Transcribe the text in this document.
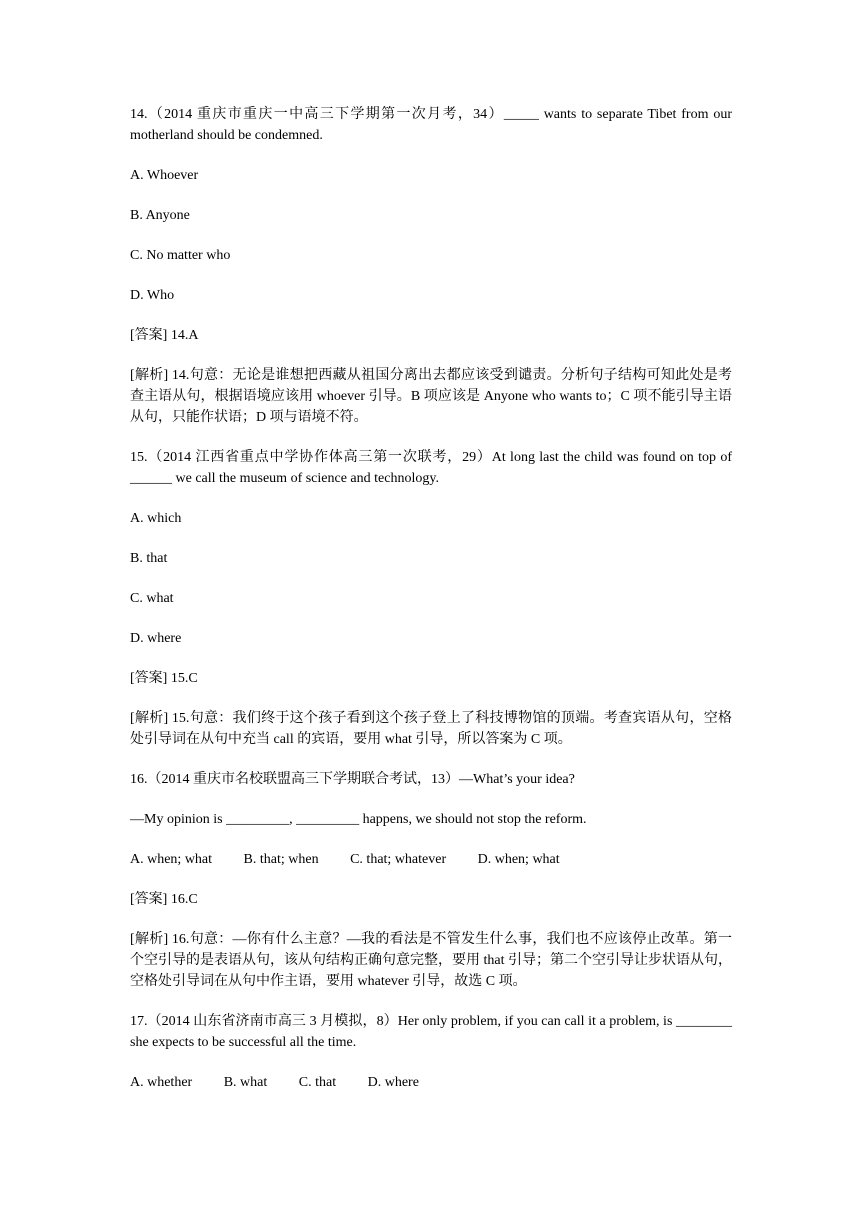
14.（2014 重庆市重庆一中高三下学期第一次月考，34）_____ wants to separate Tibet from our motherland should be condemned.

A. Whoever

B. Anyone

C. No matter who

D. Who

[答案] 14.A

[解析] 14.句意：无论是谁想把西藏从祖国分离出去都应该受到谴责。分析句子结构可知此处是考查主语从句，根据语境应该用 whoever 引导。B 项应该是 Anyone who wants to；C 项不能引导主语从句，只能作状语；D 项与语境不符。

15.（2014 江西省重点中学协作体高三第一次联考，29）At long last the child was found on top of ______ we call the museum of science and technology.

A. which

B. that

C. what

D. where

[答案] 15.C

[解析] 15.句意：我们终于这个孩子看到这个孩子登上了科技博物馆的顶端。考查宾语从句，空格处引导词在从句中充当 call 的宾语，要用 what 引导，所以答案为 C 项。

16.（2014 重庆市名校联盟高三下学期联合考试，13）—What’s your idea?

—My opinion is _________, _________ happens, we should not stop the reform.

A. when; what B. that; when C. that; whatever D. when; what

[答案] 16.C

[解析] 16.句意：—你有什么主意？—我的看法是不管发生什么事，我们也不应该停止改革。第一个空引导的是表语从句，该从句结构正确句意完整，要用 that 引导；第二个空引导让步状语从句，空格处引导词在从句中作主语，要用 whatever 引导，故选 C 项。

17.（2014 山东省济南市高三 3 月模拟，8）Her only problem, if you can call it a problem, is ________ she expects to be successful all the time.

A. whether B. what C. that D. where
